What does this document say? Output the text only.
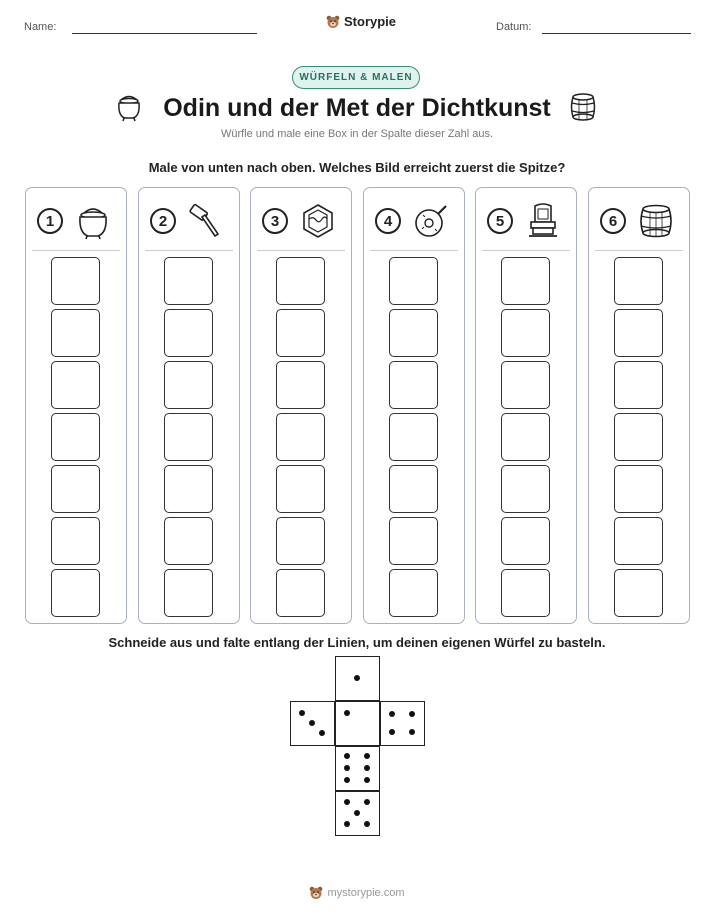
Name:	Storypie	Datum:
WÜRFELN & MALEN
Odin und der Met der Dichtkunst
Würfle und male eine Box in der Spalte dieser Zahl aus.
Male von unten nach oben. Welches Bild erreicht zuerst die Spitze?
1	2	3	4	5	6
Schneide aus und falte entlang der Linien, um deinen eigenen Würfel zu basteln.
mystorypie.com
